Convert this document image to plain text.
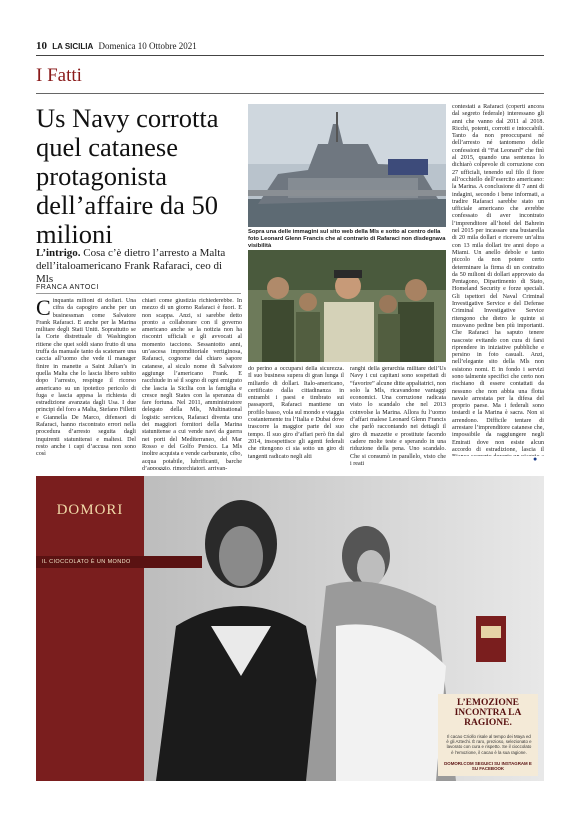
10 LA SICILIA Domenica 10 Ottobre 2021
I Fatti
Us Navy corrotta quel catanese protagonista dell’affaire da 50 milioni
L’intrigo. Cosa c’è dietro l’arresto a Malta dell’italoamericano Frank Rafaraci, ceo di Mls
FRANCA ANTOCI
Cinquanta milioni di dollari. Una cifra da capogiro anche per un businessman come Salvatore Frank Rafaraci. E anche per la Marina militare degli Stati Uniti. Soprattutto se la Corte distrettuale di Washington ritiene che quei soldi siano frutto di una truffa da manuale tanto da scatenare una caccia all’uomo che vede il manager finire in manette a Saint Julian’s in quella Malta che lo lascia libero subito dopo l’arresto, respinge il ricorso americano su un ipotetico pericolo di fuga e lascia appesa la richiesta di estradizione avanzata dagli Usa. I due principi del foro a Malta, Stefano Filletti e Giannella De Marco, difensori di Rafaraci, hanno riscontrato errori nella procedura d’arresto seguita dagli inquirenti statunitensi e maltesi. Del resto anche i capi d’accusa non sono così
chiari come giustizia richiederebbe. In mezzo di un giorno Rafaraci è fuori. E non scappa. Anzi, si sarebbe detto pronto a collaborare con il governo americano anche se la notizia non ha riscontri ufficiali e gli avvocati al momento tacciono. Sessantotto anni, un’ascesa imprenditoriale vertiginosa, Rafaraci, cognome dal chiaro sapore catanese, al siculo nome di Salvatore aggiunge l’americano Frank. E racchiude in sé il sogno di ogni emigrato che lascia la Sicilia con la famiglia e cresce negli States con la speranza di fare fortuna. Nel 2011, amministratore delegato della Mls, Multinational logistic services, Rafaraci diventa uno dei maggiori fornitori della Marina statunitense a cui vende navi da guerra nei porti del Mediterraneo, del Mar Rosso e del Golfo Persico. La Mls inoltre acquista e vende carburante, cibo, acqua potabile, lubrificanti, barche d’appoggio, rimorchiatori, arrivan-
do perino a occuparsi della sicurezza. Il suo business supera di gran lunga il miliardo di dollari. Italo-americano, certificato dalla cittadinanza in entrambi i paesi e timbrato sui passaporti, Rafaraci mantiene un profilo basso, vola sul mondo e viaggia costantemente tra l’Italia e Dubai dove trascorre la maggior parte del suo tempo. Il suo giro d’affari però fin dal 2014, insospettisce gli agenti federali che ritengono ci sia sotto un giro di tangenti radicato negli alti
ranghi della gerarchia militare dell’Us Navy i cui capitani sono sospettati di “favorire” alcune ditte appaltatrici, non solo la Mls, ricavandone vantaggi economici. Una corruzione radicata visto lo scandalo che nel 2013 coinvolse la Marina. Allora fu l’uomo d’affari malese Leonard Glenn Francis che parlò raccontando nei dettagli il giro di mazzette e prostitute facendo cadere molte teste e sperando in una riduzione della pena. Uno scandalo. Che si consumò in parallelo, visto che i reati
contestati a Rafaraci (coperti ancora dal segreto federale) interessano gli anni che vanno dal 2011 al 2018. Ricchi, potenti, corrotti e intoccabili. Tanto da non preoccuparsi né dell’arresto né tantomeno delle confessioni di “Fat Leonard” che finì al 2015, quando una sentenza lo dichiarò colpevole di corruzione con 27 ufficiali, tenendo sul filo il fiore all’occhiello dell’esercito americano: la Marina. A conclusione di 7 anni di indagini, secondo i bene informati, a tradire Rafaraci sarebbe stato un ufficiale americano che avrebbe confessato di aver incontrato l’imprenditore all’hotel del Bahrein nel 2015 per incassare una bustarella di 20 mila dollari e ricevere un’altra con 13 mila dollari tre anni dopo a Miami. Un anello debole e tanto piccolo da non potere certo determinare la firma di un contratto da 50 milioni di dollari approvato da Pentagono, Dipartimento di Stato, Homeland Security e forze speciali. Gli ispettori del Naval Criminal Investigative Service e del Defense Criminal Investigative Service ritengono che dietro le quinte si muovano pedine ben più importanti. Che Rafaraci ha saputo tenere nascoste evitando con cura di farsi riprendere in iniziative pubbliche e persino in foto casuali. Anzi, nell’elegante sito della Mls non esistono nomi. E in fondo i servizi sono talmente specifici che certo non rischiano di essere contattati da nessuno che non abbia una flotta navale arrestata per la difesa del proprio paese. Ma i federali sono testardi e la Marina è sacra. Non si arrendono. Difficile tentare di arrestare l’imprenditore catanese che, impossibile da raggiungere negli Emirati dove non esiste alcun accordo di estradizione, lascia il
●
Sopra una delle immagini sul sito web della Mls e sotto al centro della foto Leonard Glenn Francis che al contrario di Rafaraci non disdegnava visibilità
DOMORI
IL CIOCCOLATO È UN MONDO
L’EMOZIONE INCONTRA LA RAGIONE.
Il cacao Criollo risale al tempo dei Maya ed è gli Aztechi. È raro, prezioso, selezionato e lavorato con cura e rispetto. Se il cioccolato è l’emozione, il cacao è la sua ragione.
DOMORI.COM SEGUICI SU INSTAGRAM E SU FACEBOOK
